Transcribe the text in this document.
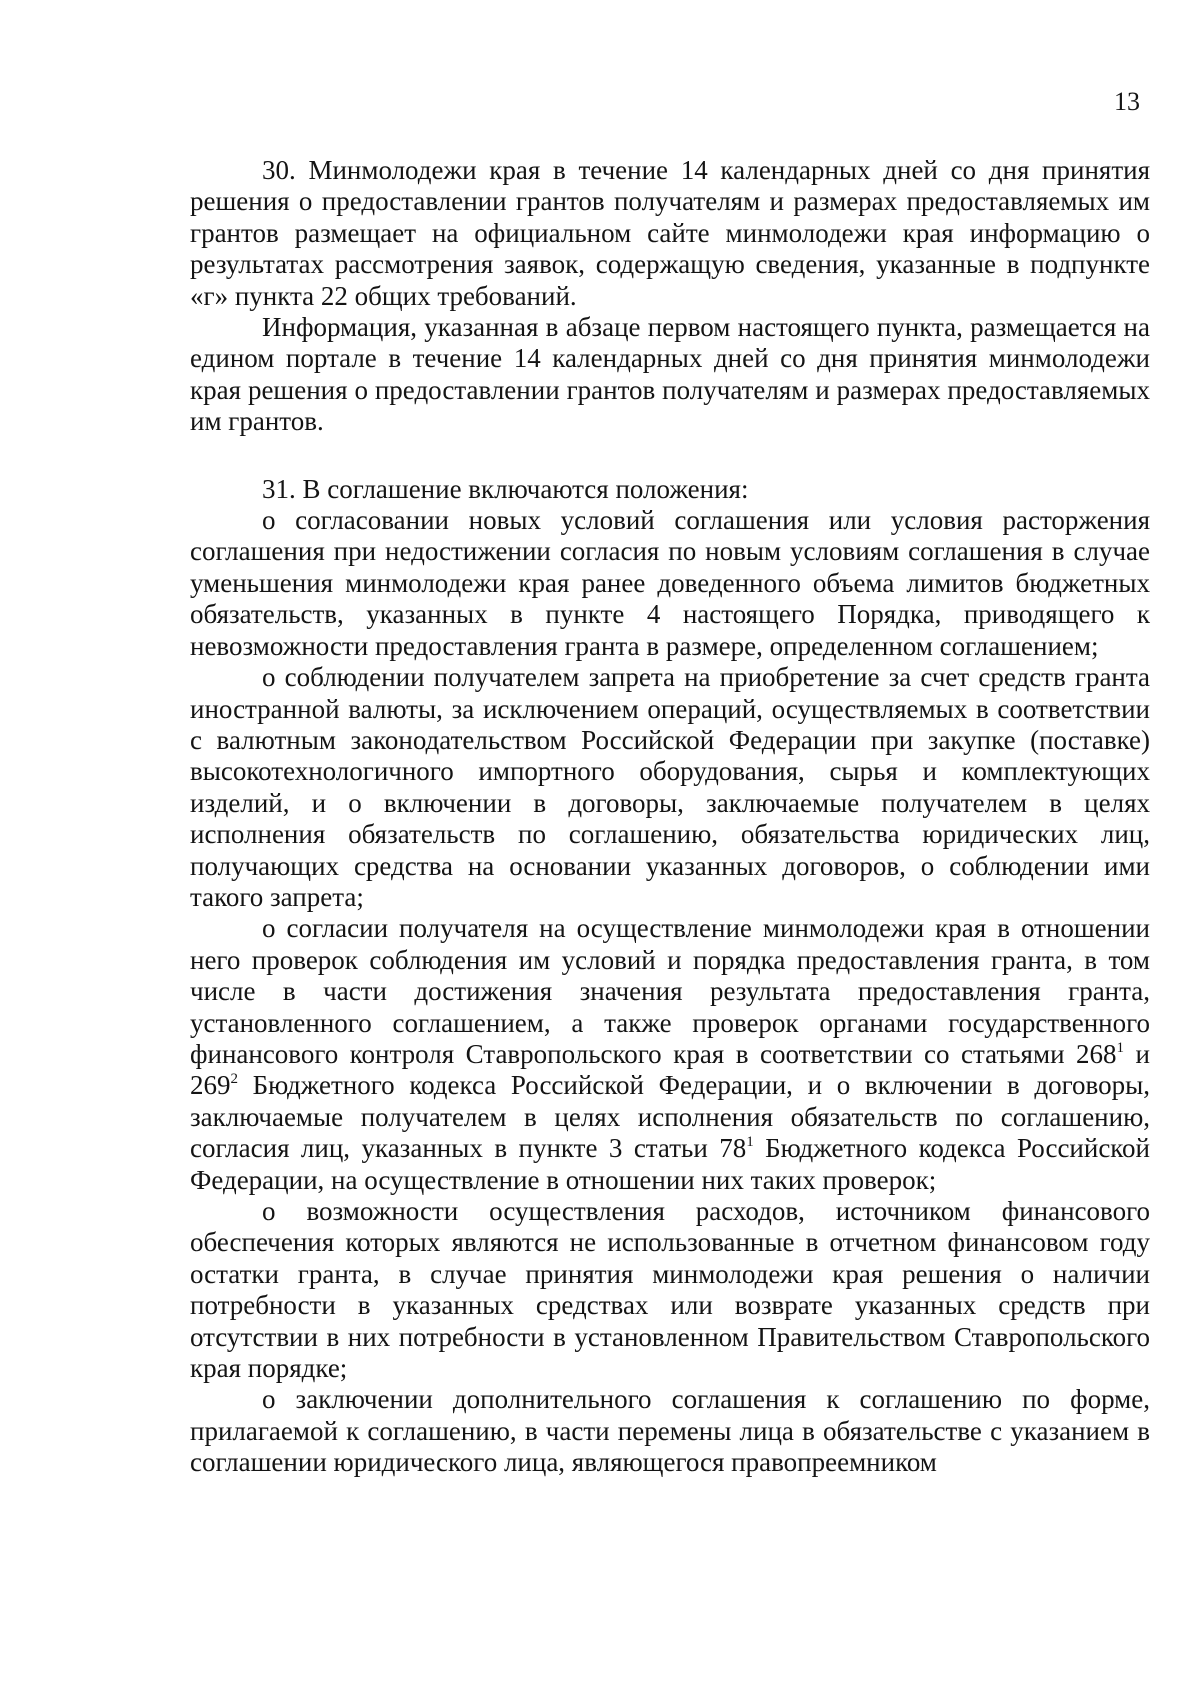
13

30. Минмолодежи края в течение 14 календарных дней со дня принятия решения о предоставлении грантов получателям и размерах предоставляемых им грантов размещает на официальном сайте минмолодежи края информацию о результатах рассмотрения заявок, содержащую сведения, указанные в подпункте «г» пункта 22 общих требований.

Информация, указанная в абзаце первом настоящего пункта, размещается на едином портале в течение 14 календарных дней со дня принятия минмолодежи края решения о предоставлении грантов получателям и размерах предоставляемых им грантов.

31. В соглашение включаются положения:

о согласовании новых условий соглашения или условия расторжения соглашения при недостижении согласия по новым условиям соглашения в случае уменьшения минмолодежи края ранее доведенного объема лимитов бюджетных обязательств, указанных в пункте 4 настоящего Порядка, приводящего к невозможности предоставления гранта в размере, определенном соглашением;

о соблюдении получателем запрета на приобретение за счет средств гранта иностранной валюты, за исключением операций, осуществляемых в соответствии с валютным законодательством Российской Федерации при закупке (поставке) высокотехнологичного импортного оборудования, сырья и комплектующих изделий, и о включении в договоры, заключаемые получателем в целях исполнения обязательств по соглашению, обязательства юридических лиц, получающих средства на основании указанных договоров, о соблюдении ими такого запрета;

о согласии получателя на осуществление минмолодежи края в отношении него проверок соблюдения им условий и порядка предоставления гранта, в том числе в части достижения значения результата предоставления гранта, установленного соглашением, а также проверок органами государственного финансового контроля Ставропольского края в соответствии со статьями $268^1$ и $269^2$ Бюджетного кодекса Российской Федерации, и о включении в договоры, заключаемые получателем в целях исполнения обязательств по соглашению, согласия лиц, указанных в пункте 3 статьи $78^1$ Бюджетного кодекса Российской Федерации, на осуществление в отношении них таких проверок;

о возможности осуществления расходов, источником финансового обеспечения которых являются не использованные в отчетном финансовом году остатки гранта, в случае принятия минмолодежи края решения о наличии потребности в указанных средствах или возврате указанных средств при отсутствии в них потребности в установленном Правительством Ставропольского края порядке;

о заключении дополнительного соглашения к соглашению по форме, прилагаемой к соглашению, в части перемены лица в обязательстве с указанием в соглашении юридического лица, являющегося правопреемником
